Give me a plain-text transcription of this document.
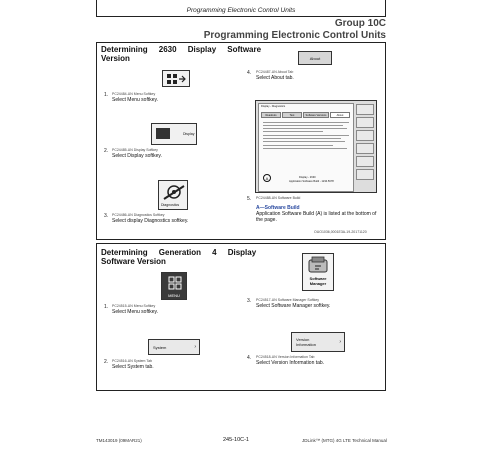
Programming Electronic Control Units
Group 10C
Programming Electronic Control Units
Determining     2630     Display     Software
Version
1. PC24484-UN Menu Softkey
Select Menu softkey.
Display
2. PC24485-UN Display Softkey
Select Display softkey.
Diagnostics
3. PC24486-UN Diagnostics Softkey
Select display Diagnostics softkey.
About
4. PC24487-UN About Tab
Select About tab.
Display - Diagnostics
Readouts	Test	Software Versions	About
A	Display - 2630
Application Software Build - 1234.5678
5. PC24488-UN Software Build
A—Software Build
Application Software Build (A) is listed at the bottom of the page.
OUO1036,0001E3A-19-20171120
Determining     Generation     4     Display
Software Version
MENU
1. PC24515-UN Menu Softkey
Select Menu softkey.
System	›
2. PC24516-UN System Tab
Select System tab.
Software
Manager
3. PC24517-UN Software Manager Softkey
Select Software Manager softkey.
Version
Information	›
4. PC24518-UN Version Information Tab
Select Version Information tab.
TM143019 (09MAR21)	245-10C-1	JDLink™ (MTG) 4G LTE Technical Manual
